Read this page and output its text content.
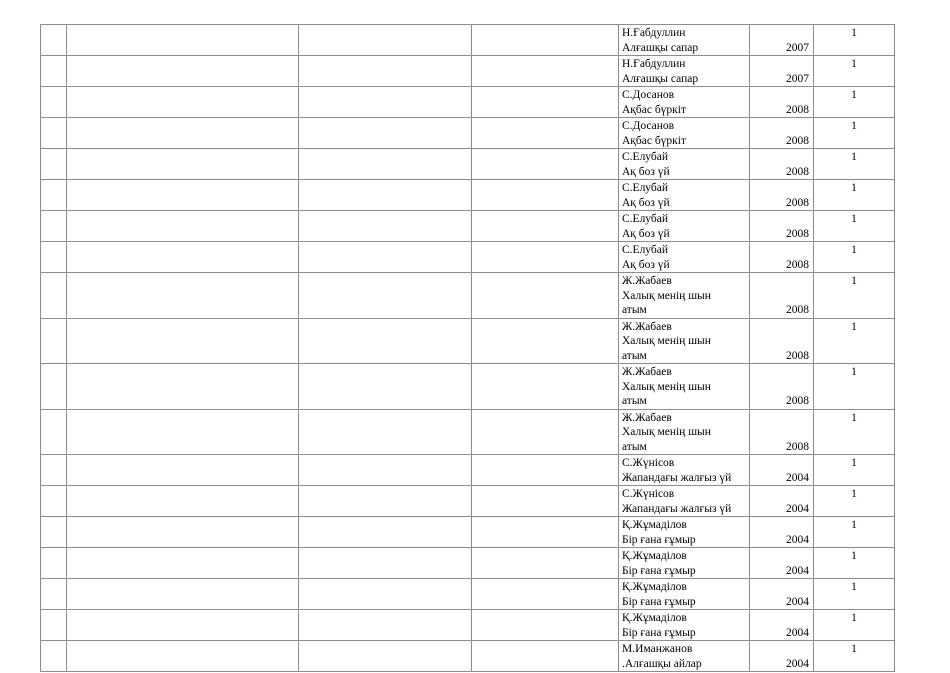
				Н.Ғабдуллин
Алғашқы сапар	2007	1

				Н.Ғабдуллин
Алғашқы сапар	2007	1

				С.Досанов
Ақбас бүркіт	2008	1

				С.Досанов
Ақбас бүркіт	2008	1

				С.Елубай
Ақ боз үй	2008	1

				С.Елубай
Ақ боз үй	2008	1

				С.Елубай
Ақ боз үй	2008	1

				С.Елубай
Ақ боз үй	2008	1

				Ж.Жабаев
Халық менің шын
атым	2008	1

				Ж.Жабаев
Халық менің шын
атым	2008	1

				Ж.Жабаев
Халық менің шын
атым	2008	1

				Ж.Жабаев
Халық менің шын
атым	2008	1

				С.Жүнісов
Жапандағы жалғыз үй	2004	1

				С.Жүнісов
Жапандағы жалғыз үй	2004	1

				Қ.Жұмаділов
Бір ғана ғұмыр	2004	1

				Қ.Жұмаділов
Бір ғана ғұмыр	2004	1

				Қ.Жұмаділов
Бір ғана ғұмыр	2004	1

				Қ.Жұмаділов
Бір ғана ғұмыр	2004	1

				М.Иманжанов
.Алғашқы айлар	2004	1
